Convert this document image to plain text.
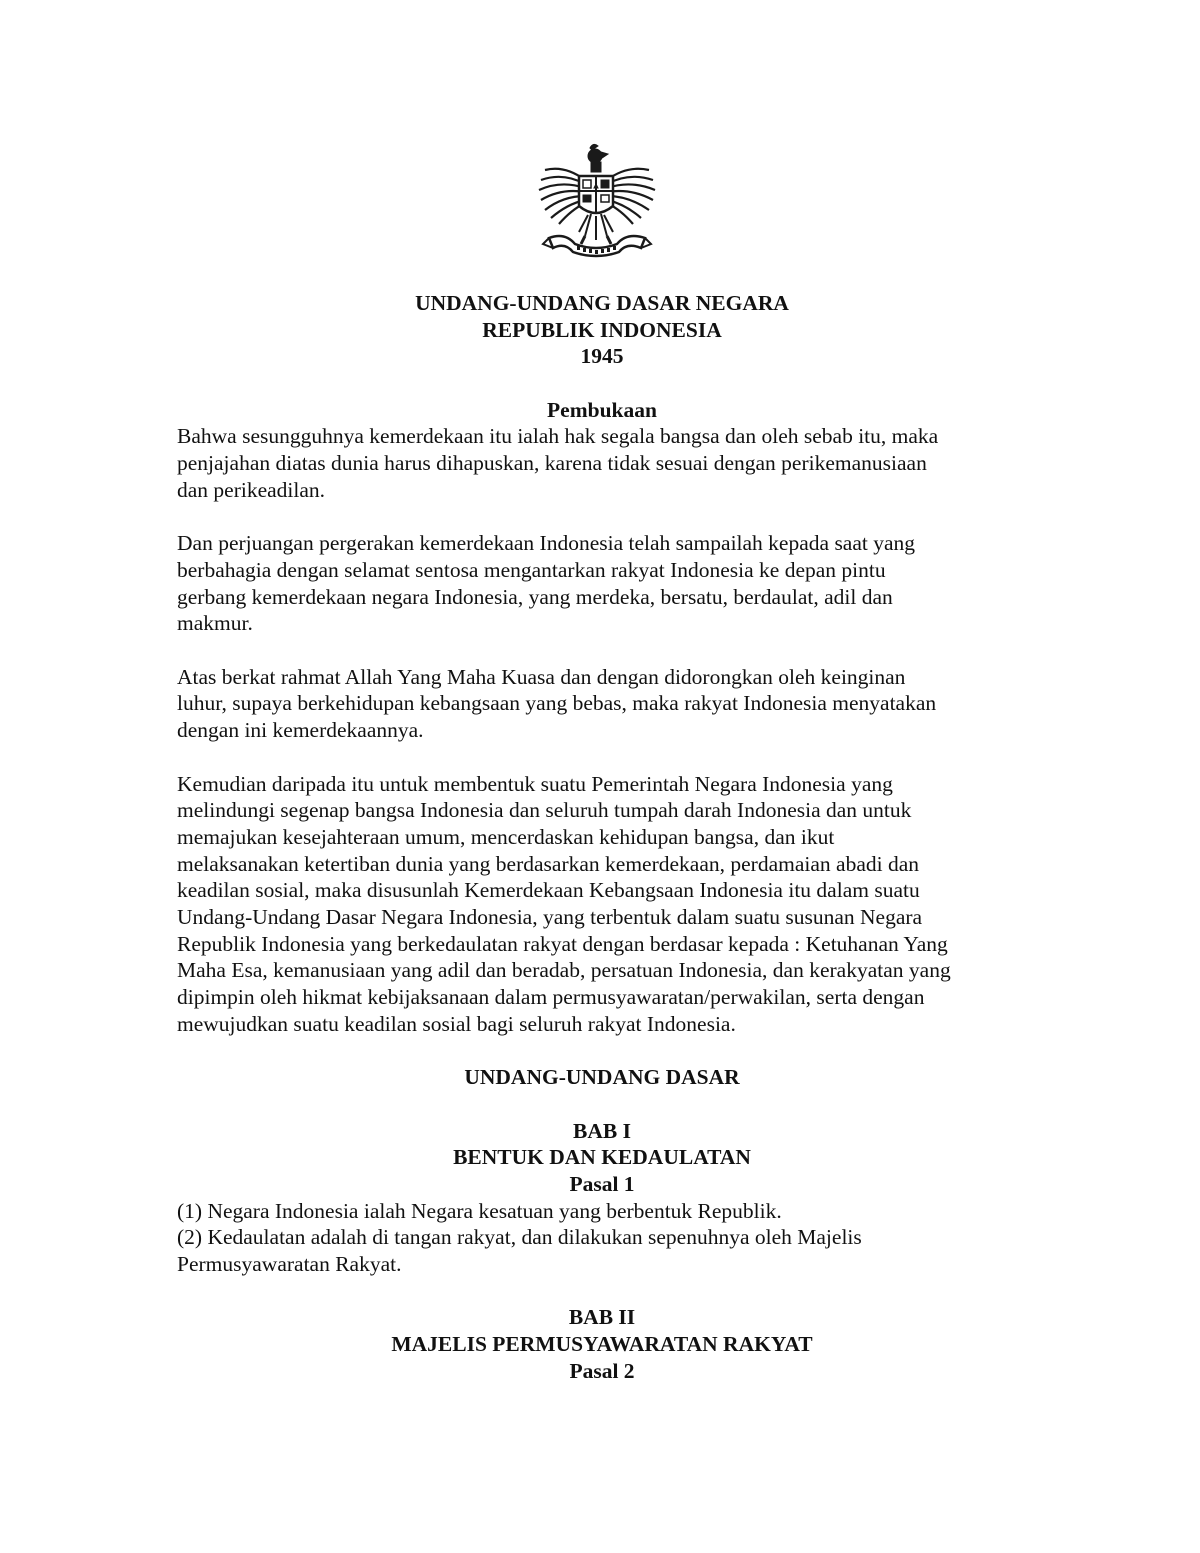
UNDANG-UNDANG DASAR NEGARA
REPUBLIK INDONESIA
1945
Pembukaan
Bahwa sesungguhnya kemerdekaan itu ialah hak segala bangsa dan oleh sebab itu, maka
penjajahan diatas dunia harus dihapuskan, karena tidak sesuai dengan perikemanusiaan
dan perikeadilan.
Dan perjuangan pergerakan kemerdekaan Indonesia telah sampailah kepada saat yang
berbahagia dengan selamat sentosa mengantarkan rakyat Indonesia ke depan pintu
gerbang kemerdekaan negara Indonesia, yang merdeka, bersatu, berdaulat, adil dan
makmur.
Atas berkat rahmat Allah Yang Maha Kuasa dan dengan didorongkan oleh keinginan
luhur, supaya berkehidupan kebangsaan yang bebas, maka rakyat Indonesia menyatakan
dengan ini kemerdekaannya.
Kemudian daripada itu untuk membentuk suatu Pemerintah Negara Indonesia yang
melindungi segenap bangsa Indonesia dan seluruh tumpah darah Indonesia dan untuk
memajukan kesejahteraan umum, mencerdaskan kehidupan bangsa, dan ikut
melaksanakan ketertiban dunia yang berdasarkan kemerdekaan, perdamaian abadi dan
keadilan sosial, maka disusunlah Kemerdekaan Kebangsaan Indonesia itu dalam suatu
Undang-Undang Dasar Negara Indonesia, yang terbentuk dalam suatu susunan Negara
Republik Indonesia yang berkedaulatan rakyat dengan berdasar kepada : Ketuhanan Yang
Maha Esa, kemanusiaan yang adil dan beradab, persatuan Indonesia, dan kerakyatan yang
dipimpin oleh hikmat kebijaksanaan dalam permusyawaratan/perwakilan, serta dengan
mewujudkan suatu keadilan sosial bagi seluruh rakyat Indonesia.
UNDANG-UNDANG DASAR
BAB I
BENTUK DAN KEDAULATAN
Pasal 1
(1) Negara Indonesia ialah Negara kesatuan yang berbentuk Republik.
(2) Kedaulatan adalah di tangan rakyat, dan dilakukan sepenuhnya oleh Majelis
Permusyawaratan Rakyat.
BAB II
MAJELIS PERMUSYAWARATAN RAKYAT
Pasal 2
